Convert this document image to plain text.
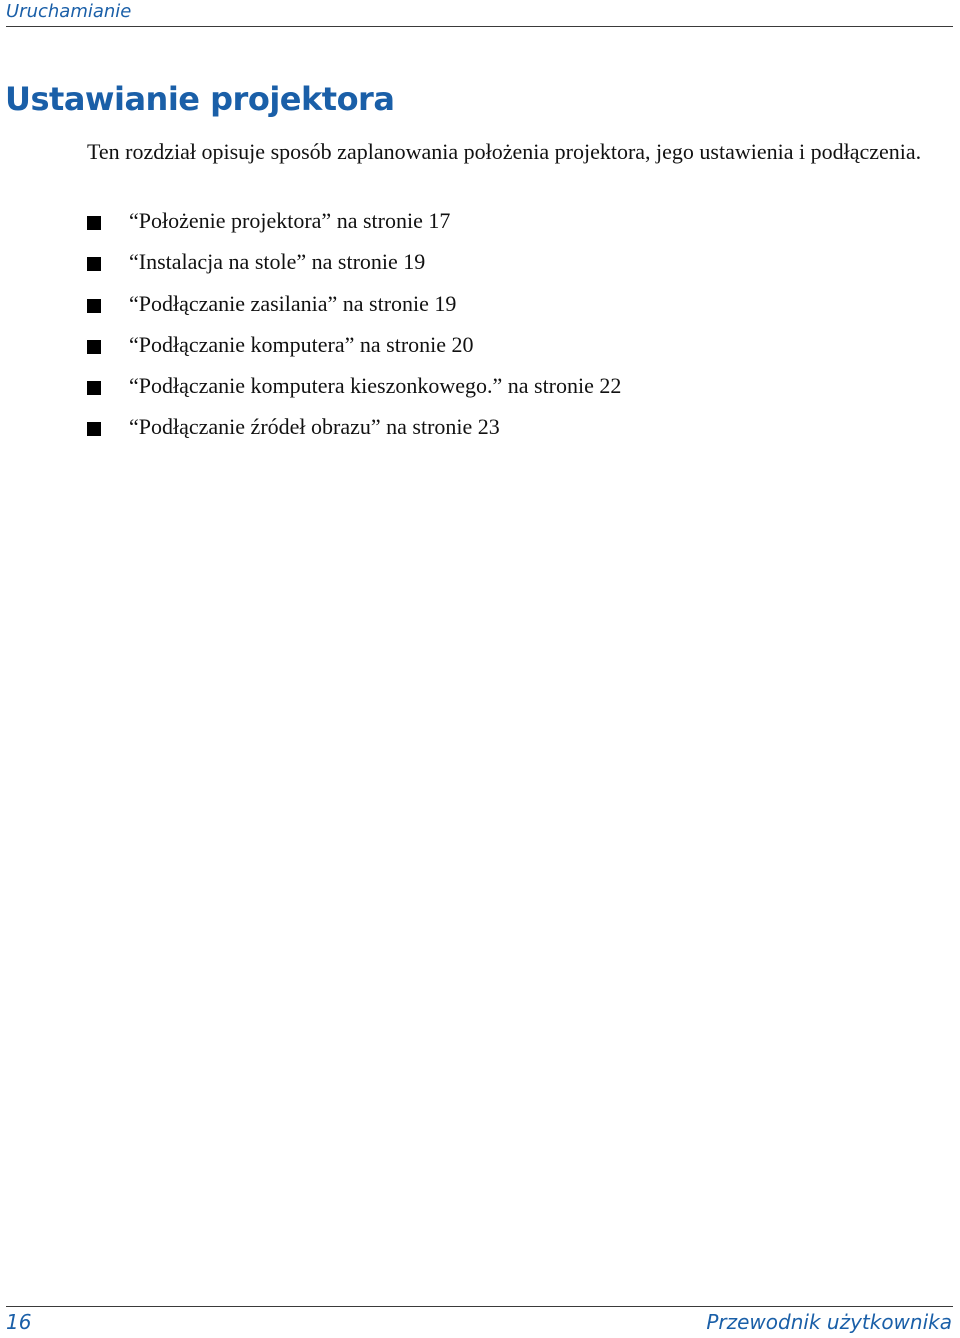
Uruchamianie
Ustawianie projektora

Ten rozdział opisuje sposób zaplanowania położenia projektora, jego ustawienia i podłączenia.

“Położenie projektora” na stronie 17
“Instalacja na stole” na stronie 19
“Podłączanie zasilania” na stronie 19
“Podłączanie komputera” na stronie 20
“Podłączanie komputera kieszonkowego.” na stronie 22
“Podłączanie źródeł obrazu” na stronie 23
16	Przewodnik użytkownika
